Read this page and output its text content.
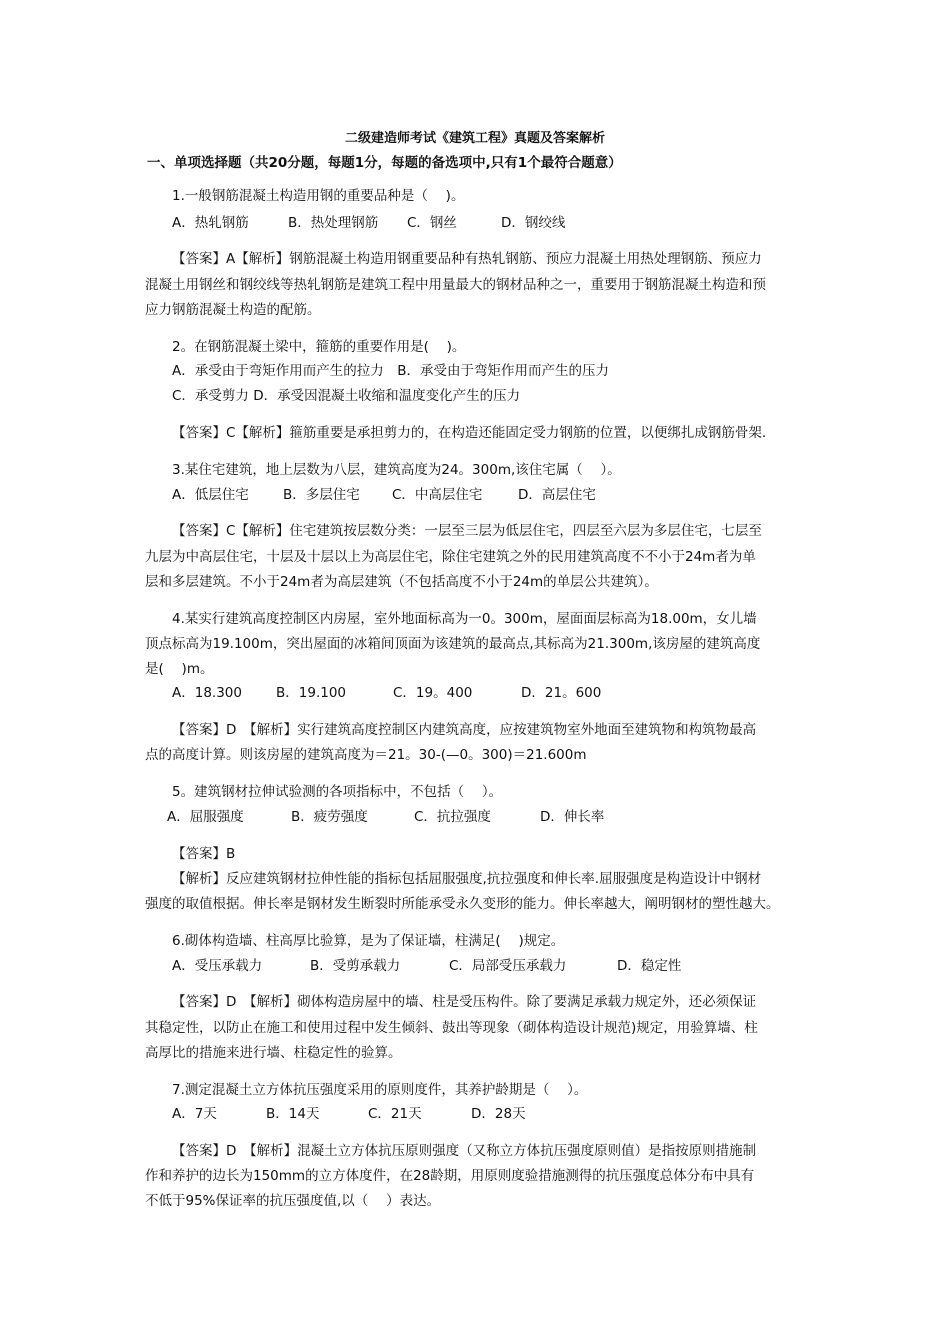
二级建造师考试《建筑工程》真题及答案解析
一、单项选择题（共20分题，每题1分，每题的备选项中,只有1个最符合题意）
1.一般钢筋混凝土构造用钢的重要品种是（　 )。
A．热轧钢筋	B．热处理钢筋 C．钢丝	D．钢绞线
【答案】A【解析】钢筋混凝土构造用钢重要品种有热轧钢筋、预应力混凝土用热处理钢筋、预应力
混凝土用钢丝和钢绞线等热轧钢筋是建筑工程中用量最大的钢材品种之一，重要用于钢筋混凝土构造和预
应力钢筋混凝土构造的配筋。
2。在钢筋混凝土梁中，箍筋的重要作用是(　 )。
A．承受由于弯矩作用而产生的拉力　B．承受由于弯矩作用而产生的压力
C．承受剪力 D．承受因混凝土收缩和温度变化产生的压力
【答案】C【解析】箍筋重要是承担剪力的，在构造还能固定受力钢筋的位置，以便绑扎成钢筋骨架.
3.某住宅建筑，地上层数为八层，建筑高度为24。300m,该住宅属（　 ）。
A．低层住宅	B．多层住宅 C．中高层住宅	D．高层住宅
【答案】C【解析】住宅建筑按层数分类：一层至三层为低层住宅，四层至六层为多层住宅，七层至
九层为中高层住宅，十层及十层以上为高层住宅，除住宅建筑之外的民用建筑高度不不小于24m者为单
层和多层建筑。不小于24m者为高层建筑（不包括高度不小于24m的单层公共建筑）。
4.某实行建筑高度控制区内房屋，室外地面标高为一0。300m，屋面面层标高为18.00m，女儿墙
顶点标高为19.100m，突出屋面的冰箱间顶面为该建筑的最高点,其标高为21.300m,该房屋的建筑高度
是(　 )m。
A．18.300	B．19.100	C．19。400	D．21。600
【答案】D　【解析】实行建筑高度控制区内建筑高度，应按建筑物室外地面至建筑物和构筑物最高
点的高度计算。则该房屋的建筑高度为＝21。30-(—0。300)＝21.600m
5。建筑钢材拉伸试验测的各项指标中，不包括（　 ）。
A．屈服强度	B．疲劳强度	C．抗拉强度	D．伸长率
【答案】B
【解析】反应建筑钢材拉伸性能的指标包括屈服强度,抗拉强度和伸长率.屈服强度是构造设计中钢材
强度的取值根据。伸长率是钢材发生断裂时所能承受永久变形的能力。伸长率越大，阐明钢材的塑性越大。
6.砌体构造墙、柱高厚比验算，是为了保证墙，柱满足(　 )规定。
A．受压承载力	B．受剪承载力	C．局部受压承载力	D．稳定性
【答案】D　【解析】砌体构造房屋中的墙、柱是受压构件。除了要满足承载力规定外，还必须保证
其稳定性，以防止在施工和使用过程中发生倾斜、鼓出等现象（砌体构造设计规范)规定，用验算墙、柱
高厚比的措施来进行墙、柱稳定性的验算。
7.测定混凝土立方体抗压强度采用的原则度件，其养护龄期是（　 ）。
A．7天	B．14天	C．21天	D．28天
【答案】D　【解析】混凝土立方体抗压原则强度（又称立方体抗压强度原则值）是指按原则措施制
作和养护的边长为150mm的立方体度件，在28龄期，用原则度验措施测得的抗压强度总体分布中具有
不低于95%保证率的抗压强度值,以（　 ）表达。
